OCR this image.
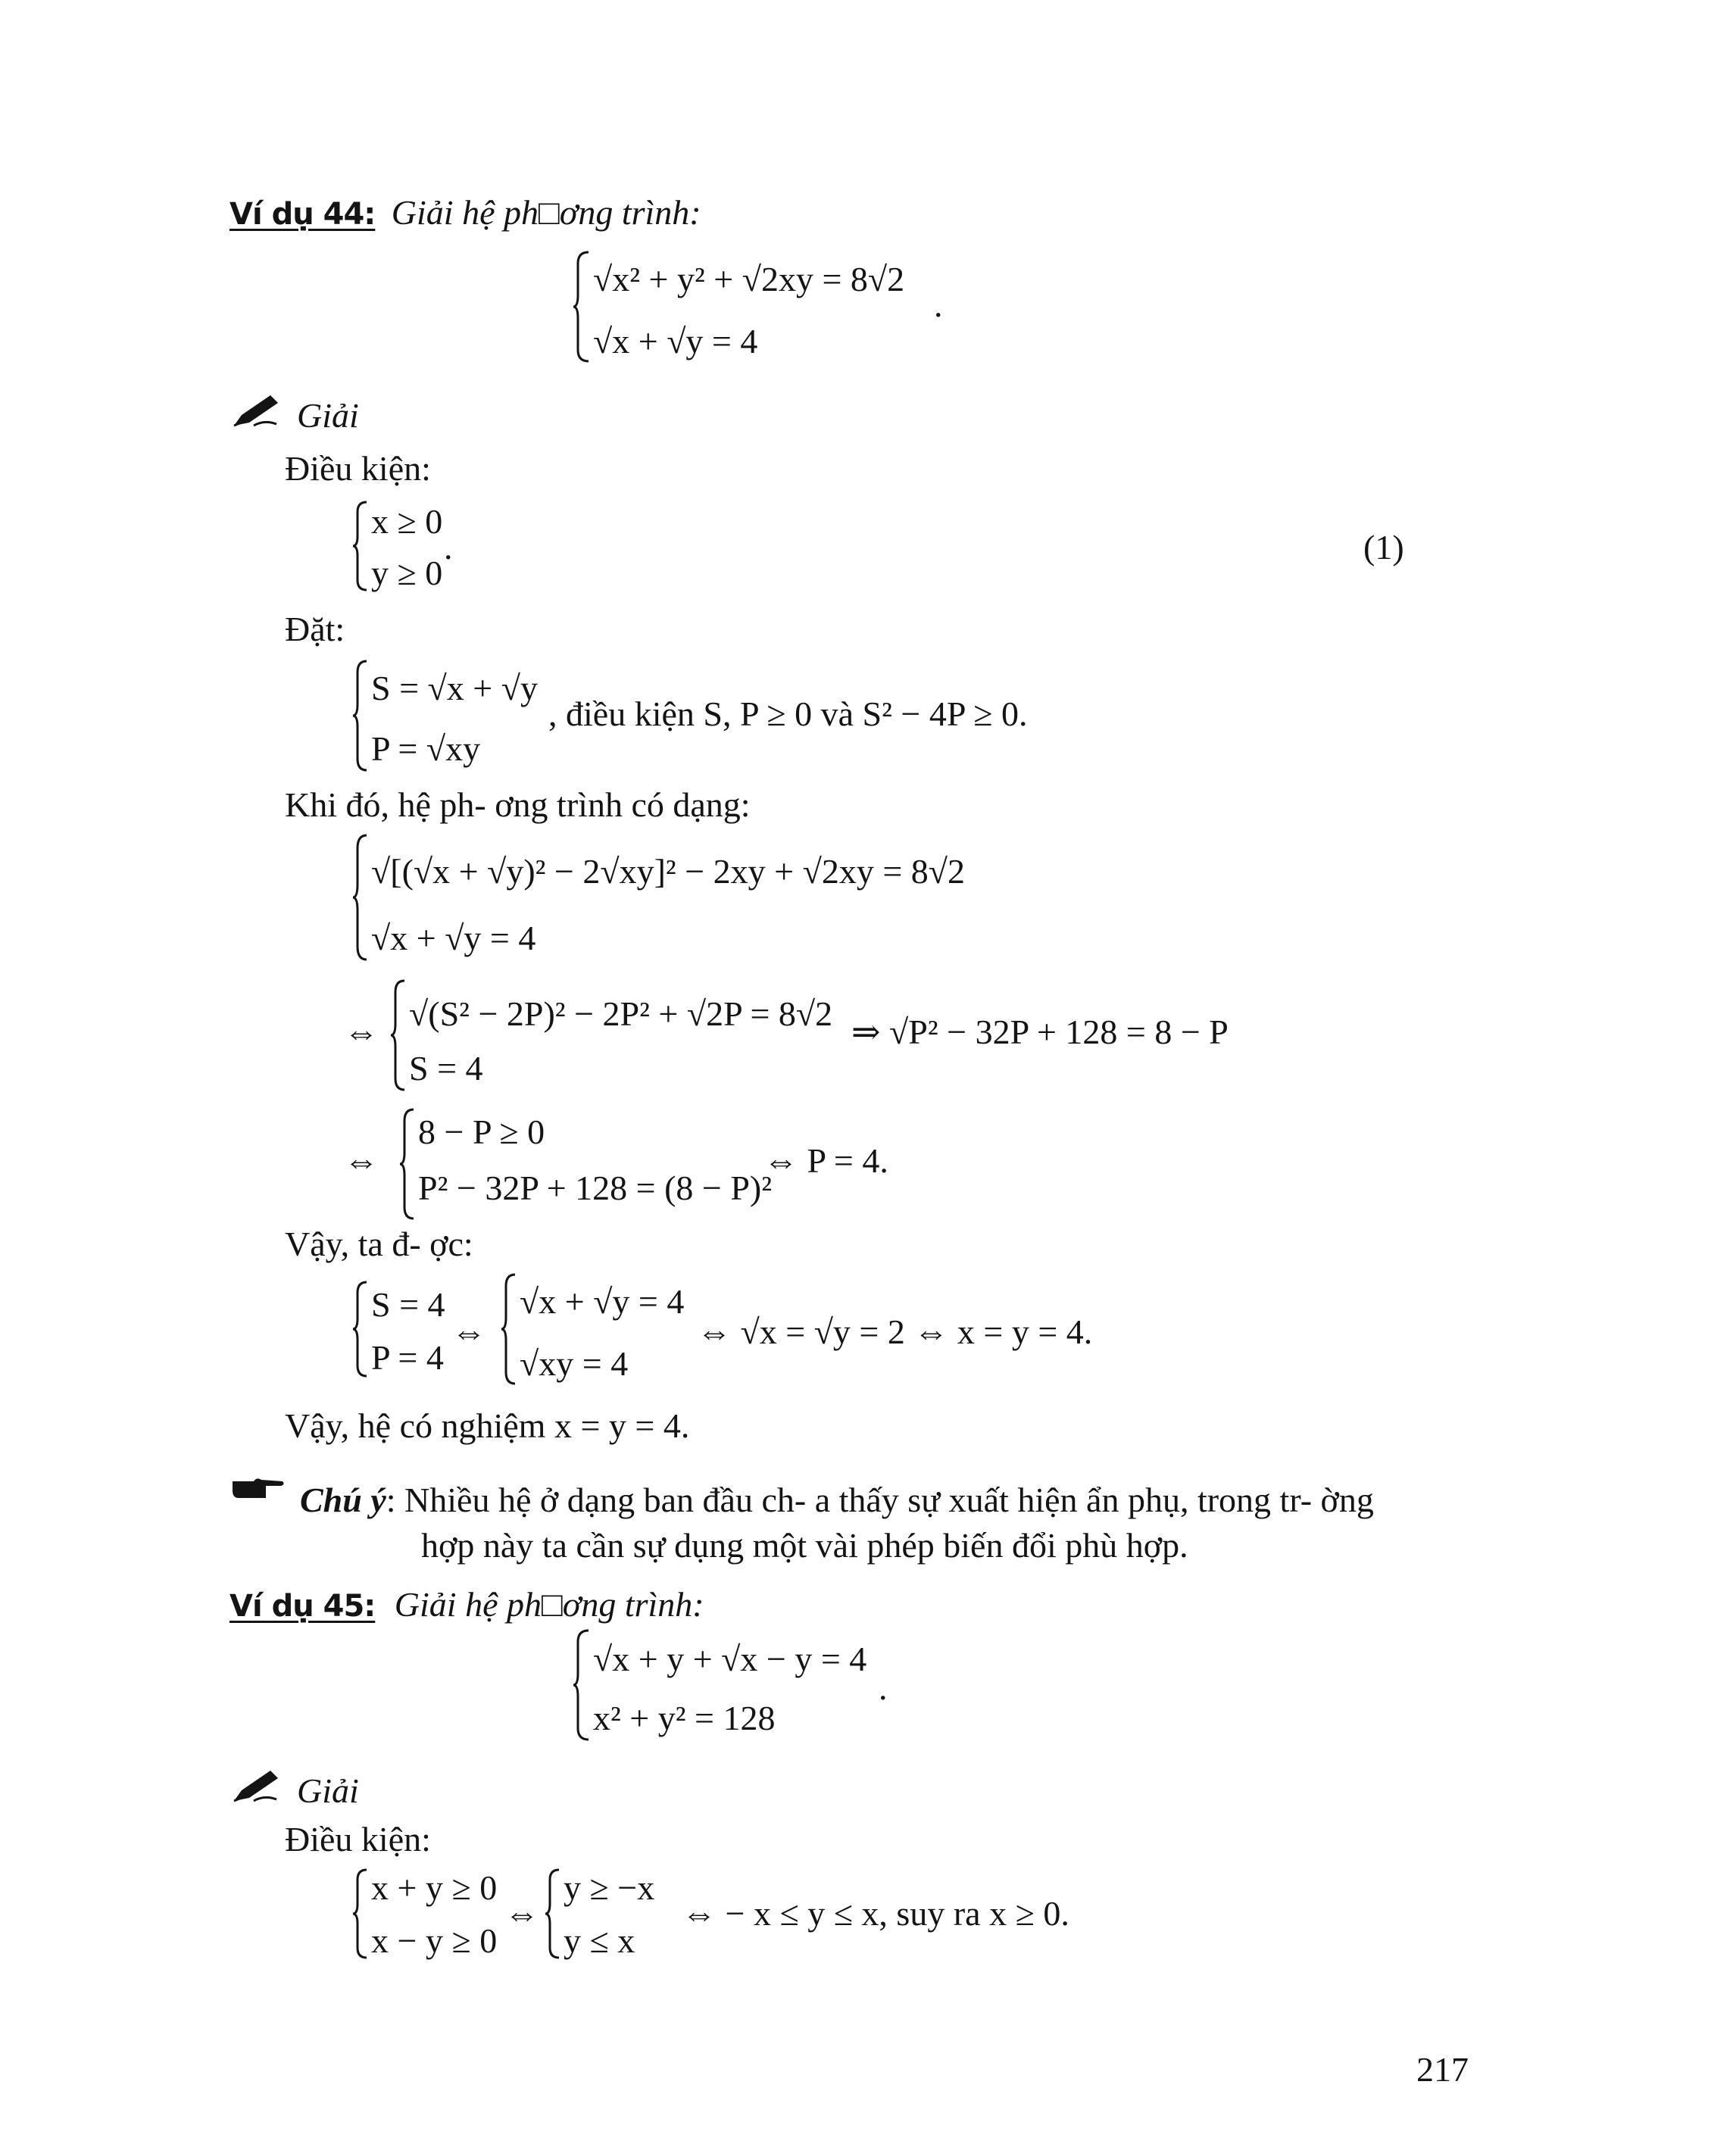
Ví dụ 44: Giải hệ ph□ơng trình:
√x² + y² + √2xy = 8√2
.
√x + √y = 4
Giải
Điều kiện:
x ≥ 0
.
y ≥ 0
(1)
Đặt:
S = √x + √y
, điều kiện S, P ≥ 0 và S² − 4P ≥ 0.
P = √xy
Khi đó, hệ ph- ơng trình có dạng:
√[(√x + √y)² − 2√xy]² − 2xy + √2xy = 8√2
√x + √y = 4
⇔ √(S² − 2P)² − 2P² + √2P = 8√2 ⇒ √P² − 32P + 128 = 8 − P
S = 4
⇔
8 − P ≥ 0
⇔ P = 4.
P² − 32P + 128 = (8 − P)²
Vậy, ta đ- ợc:
S = 4
P = 4
⇔
√x + √y = 4
√xy = 4
⇔ √x = √y = 2 ⇔ x = y = 4.
Vậy, hệ có nghiệm x = y = 4.
Chú ý: Nhiều hệ ở dạng ban đầu ch- a thấy sự xuất hiện ẩn phụ, trong tr- ờng
hợp này ta cần sự dụng một vài phép biến đổi phù hợp.
Ví dụ 45: Giải hệ ph□ơng trình:
√x + y + √x − y = 4
.
x² + y² = 128
Giải
Điều kiện:
x + y ≥ 0
x − y ≥ 0
⇔
y ≥ −x
y ≤ x
⇔ − x ≤ y ≤ x, suy ra x ≥ 0.
217
